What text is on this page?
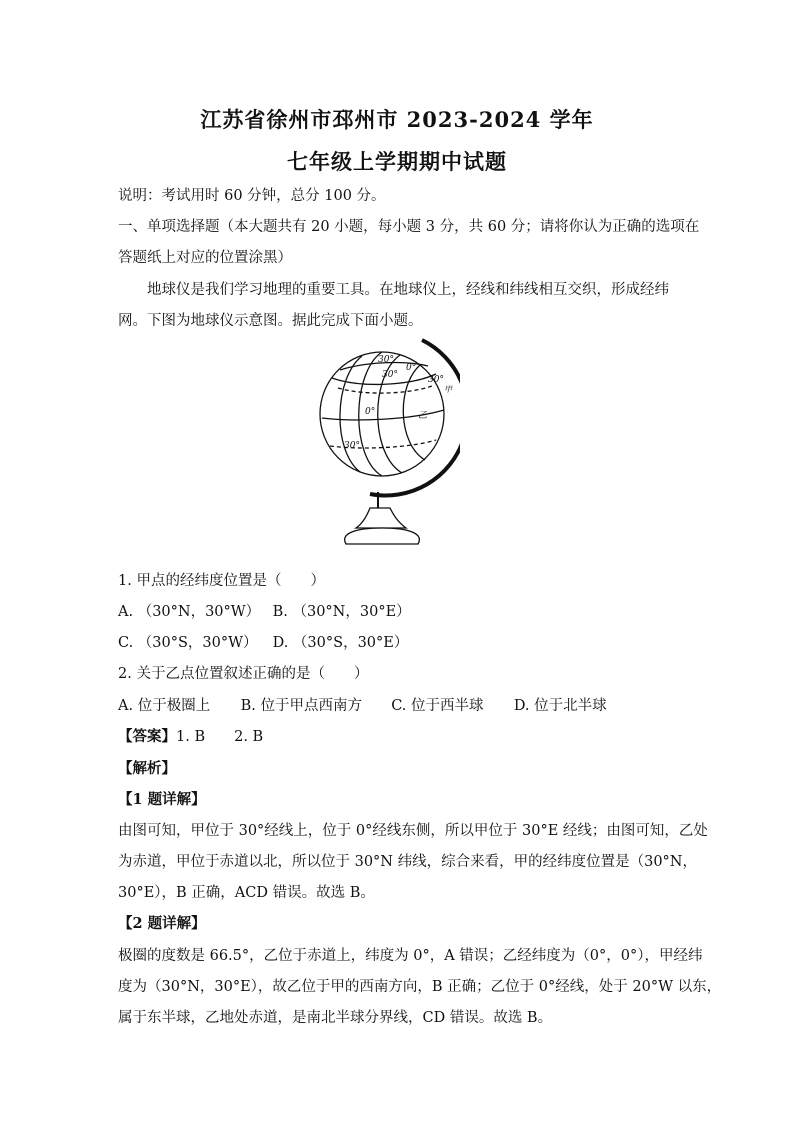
江苏省徐州市邳州市 2023-2024 学年
七年级上学期期中试题
说明：考试用时 60 分钟，总分 100 分。
一、单项选择题（本大题共有 20 小题，每小题 3 分，共 60 分；请将你认为正确的选项在
答题纸上对应的位置涂黑）
地球仪是我们学习地理的重要工具。在地球仪上，经线和纬线相互交织，形成经纬
网。下图为地球仪示意图。据此完成下面小题。
30°
30°
0°
30°
甲
0°	乙
30°
1. 甲点的经纬度位置是（　　）
A. （30°N，30°W） B. （30°N，30°E）
C. （30°S，30°W） D. （30°S，30°E）
2. 关于乙点位置叙述正确的是（　　）
A. 位于极圈上 B. 位于甲点西南方 C. 位于西半球 D. 位于北半球
【答案】1. B　　2. B
【解析】
【1 题详解】
由图可知，甲位于 30°经线上，位于 0°经线东侧，所以甲位于 30°E 经线；由图可知，乙处
为赤道，甲位于赤道以北，所以位于 30°N 纬线，综合来看，甲的经纬度位置是（30°N，
30°E），B 正确，ACD 错误。故选 B。
【2 题详解】
极圈的度数是 66.5°，乙位于赤道上，纬度为 0°，A 错误；乙经纬度为（0°，0°），甲经纬
度为（30°N，30°E），故乙位于甲的西南方向，B 正确；乙位于 0°经线，处于 20°W 以东，
属于东半球，乙地处赤道，是南北半球分界线，CD 错误。故选 B。
